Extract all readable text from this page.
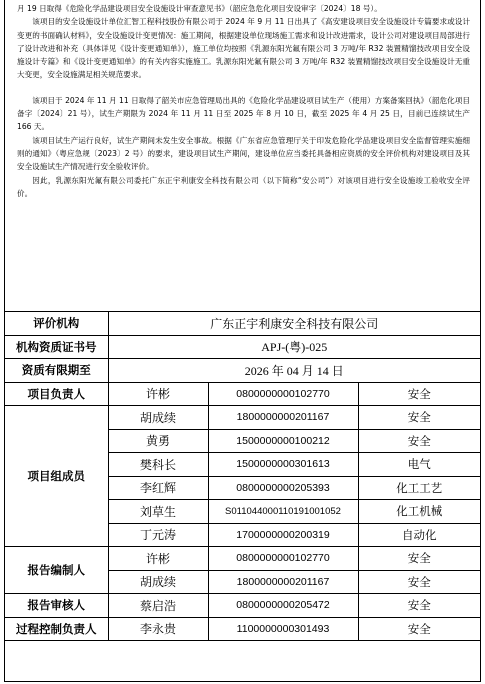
月 19 日取得《危险化学品建设项目安全设施设计审查意见书》（韶应急危化项目安设审字〔2024〕18 号）。

该项目的安全设施设计单位汇智工程科技股份有限公司于 2024 年 9 月 11 日出具了《高安建设项目安全设施设计专篇要求或设计变更的书面确认材料》，安全设施设计变更情况：施工期间，根据建设单位现场施工需求和设计改进需求，设计公司对建设项目局部进行了设计改进和补充（具体详见《设计变更通知单》），施工单位均按照《乳源东阳光氟有限公司 3 万吨/年 R32 装置精馏技改项目安全设施设计专篇》和《设计变更通知单》的有关内容实施施工。乳源东阳光氟有限公司 3 万吨/年 R32 装置精馏技改项目安全设施设计无重大变更，安全设施满足相关规范要求。

该项目于 2024 年 11 月 11 日取得了韶关市应急管理局出具的《危险化学品建设项目试生产（使用）方案备案回执》（韶危化项目备字〔2024〕21 号），试生产期限为 2024 年 11 月 11 日至 2025 年 8 月 10 日，截至 2025 年 4 月 25 日，目前已连续试生产 166 天。

该项目试生产运行良好，试生产期间未发生安全事故。根据《广东省应急管理厅关于印发危险化学品建设项目安全监督管理实施细则的通知》（粤应急规〔2023〕2 号）的要求，建设项目试生产期间，建设单位应当委托具备相应资质的安全评价机构对建设项目及其安全设施试生产情况进行安全验收评价。

因此，乳源东阳光氟有限公司委托广东正宇利康安全科技有限公司（以下简称“安公司”）对该项目进行安全设施竣工验收安全评价。

评价机构	广东正宇利康安全科技有限公司		
机构资质证书号	APJ-(粤)-025		
资质有限期至	2026 年 04 月 14 日		
项目负责人	许彬	0800000000102770	安全
项目组成员	胡成续	1800000000201167	安全
	黄勇	1500000000100212	安全
	樊科长	1500000000301613	电气
	李红辉	0800000000205393	化工工艺
	刘草生	S011044000110191001052	化工机械
	丁元涛	1700000000200319	自动化
报告编制人	许彬	0800000000102770	安全
	胡成续	1800000000201167	安全
报告审核人	蔡启浩	0800000000205472	安全
过程控制负责人	李永贵	1100000000301493	安全
